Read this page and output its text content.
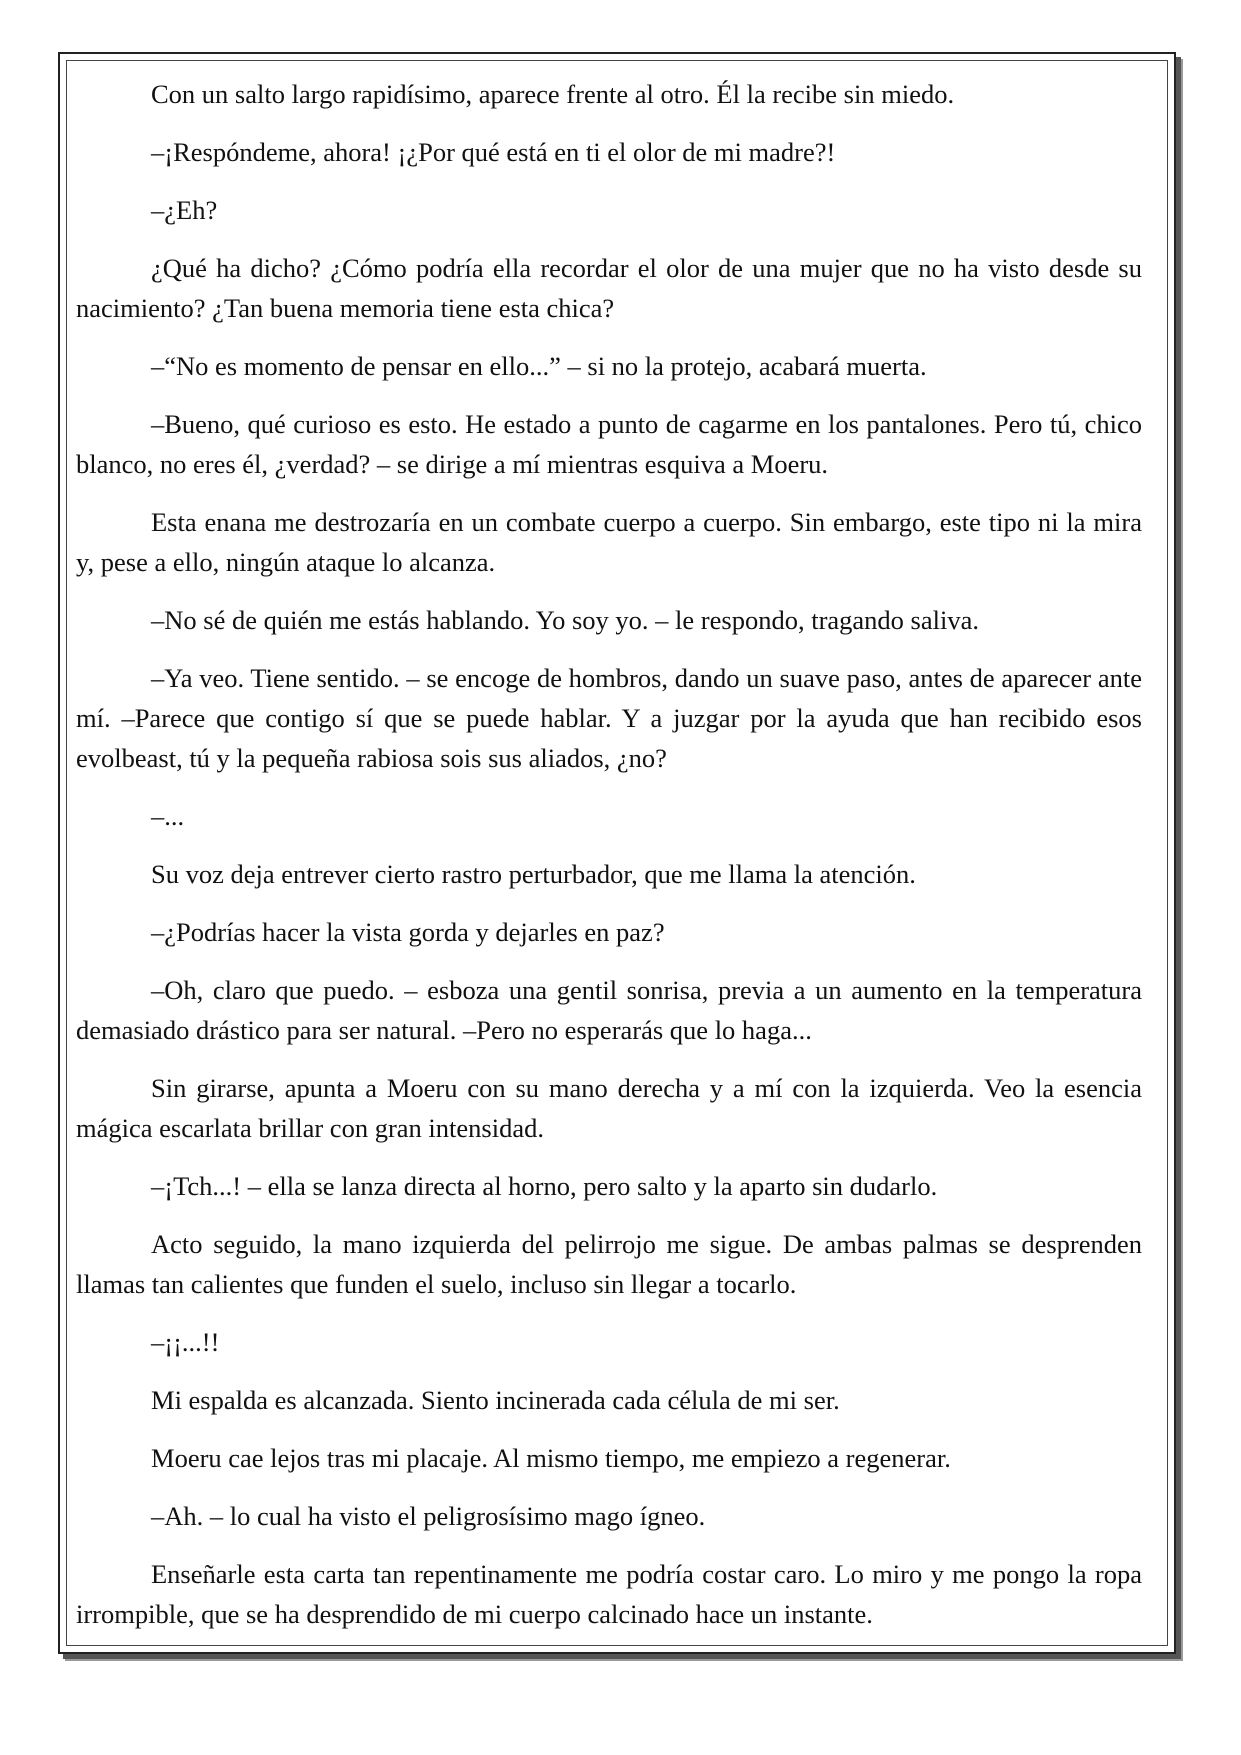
Con un salto largo rapidísimo, aparece frente al otro. Él la recibe sin miedo.

–¡Respóndeme, ahora! ¡¿Por qué está en ti el olor de mi madre?!

–¿Eh?

¿Qué ha dicho? ¿Cómo podría ella recordar el olor de una mujer que no ha visto desde su nacimiento? ¿Tan buena memoria tiene esta chica?

–“No es momento de pensar en ello...” – si no la protejo, acabará muerta.

–Bueno, qué curioso es esto. He estado a punto de cagarme en los pantalones. Pero tú, chico blanco, no eres él, ¿verdad? – se dirige a mí mientras esquiva a Moeru.

Esta enana me destrozaría en un combate cuerpo a cuerpo. Sin embargo, este tipo ni la mira y, pese a ello, ningún ataque lo alcanza.

–No sé de quién me estás hablando. Yo soy yo. – le respondo, tragando saliva.

–Ya veo. Tiene sentido. – se encoge de hombros, dando un suave paso, antes de aparecer ante mí. –Parece que contigo sí que se puede hablar. Y a juzgar por la ayuda que han recibido esos evolbeast, tú y la pequeña rabiosa sois sus aliados, ¿no?

–...

Su voz deja entrever cierto rastro perturbador, que me llama la atención.

–¿Podrías hacer la vista gorda y dejarles en paz?

–Oh, claro que puedo. – esboza una gentil sonrisa, previa a un aumento en la temperatura demasiado drástico para ser natural. –Pero no esperarás que lo haga...

Sin girarse, apunta a Moeru con su mano derecha y a mí con la izquierda. Veo la esencia mágica escarlata brillar con gran intensidad.

–¡Tch...! – ella se lanza directa al horno, pero salto y la aparto sin dudarlo.

Acto seguido, la mano izquierda del pelirrojo me sigue. De ambas palmas se desprenden llamas tan calientes que funden el suelo, incluso sin llegar a tocarlo.

–¡¡...!!

Mi espalda es alcanzada. Siento incinerada cada célula de mi ser.

Moeru cae lejos tras mi placaje. Al mismo tiempo, me empiezo a regenerar.

–Ah. – lo cual ha visto el peligrosísimo mago ígneo.

Enseñarle esta carta tan repentinamente me podría costar caro. Lo miro y me pongo la ropa irrompible, que se ha desprendido de mi cuerpo calcinado hace un instante.
